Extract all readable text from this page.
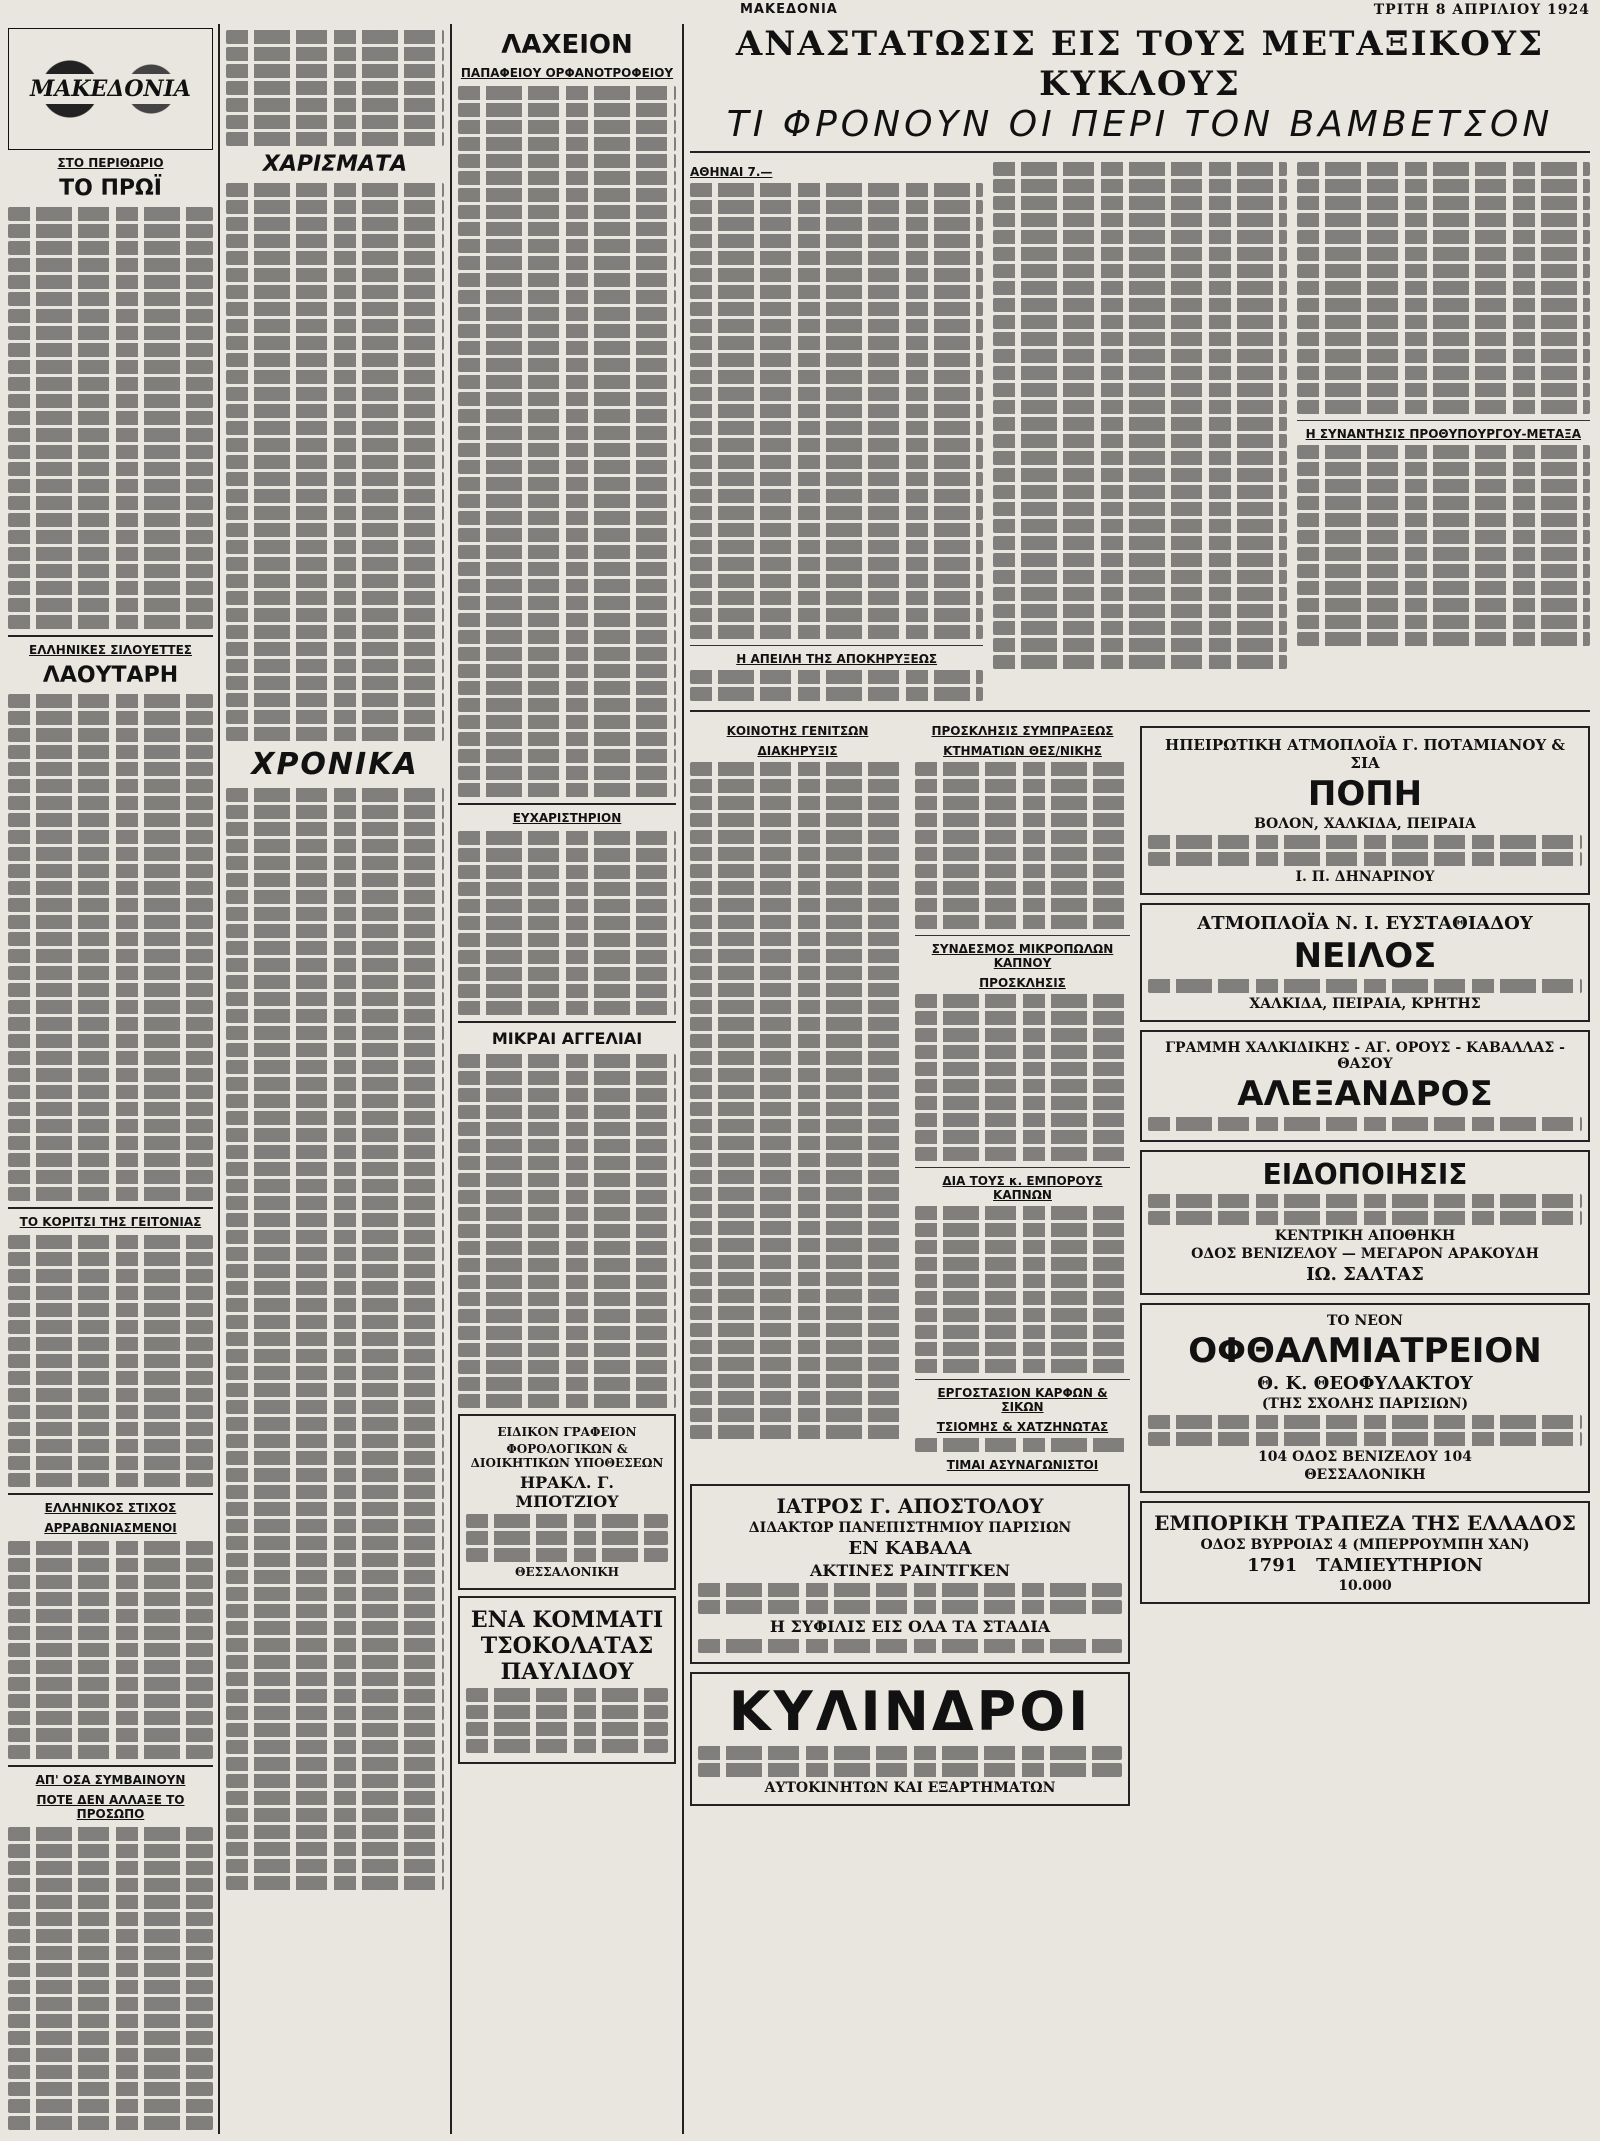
ΜΑΚΕΔΟΝΙΑ	ΤΡΙΤΗ 8 ΑΠΡΙΛΙΟΥ 1924
ΜΑΚΕΔΟΝΙΑ
ΣΤΟ ΠΕΡΙΘΩΡΙΟ
ΤΟ ΠΡΩΪ
ΕΛΛΗΝΙΚΕΣ ΣΙΛΟΥΕΤΤΕΣ
ΛΑΟΥΤΑΡΗ
ΤΟ ΚΟΡΙΤΣΙ ΤΗΣ ΓΕΙΤΟΝΙΑΣ
ΕΛΛΗΝΙΚΟΣ ΣΤΙΧΟΣ
ΑΡΡΑΒΩΝΙΑΣΜΕΝΟΙ
ΑΠ' ΟΣΑ ΣΥΜΒΑΙΝΟΥΝ
ΠΟΤΕ ΔΕΝ ΑΛΛΑΞΕ ΤΟ ΠΡΟΣΩΠΟ
ΧΑΡΙΣΜΑΤΑ
ΧΡΟΝΙΚΑ
ΛΑΧΕΙΟΝ
ΠΑΠΑΦΕΙΟΥ ΟΡΦΑΝΟΤΡΟΦΕΙΟΥ
ΕΥΧΑΡΙΣΤΗΡΙΟΝ
ΜΙΚΡΑΙ ΑΓΓΕΛΙΑΙ
ΕΙΔΙΚΟΝ ΓΡΑΦΕΙΟΝ
ΦΟΡΟΛΟΓΙΚΩΝ & ΔΙΟΙΚΗΤΙΚΩΝ ΥΠΟΘΕΣΕΩΝ
ΗΡΑΚΛ. Γ. ΜΠΟΤΖΙΟΥ
ΘΕΣΣΑΛΟΝΙΚΗ
ΕΝΑ ΚΟΜΜΑΤΙ ΤΣΟΚΟΛΑΤΑΣ ΠΑΥΛΙΔΟΥ
ΑΝΑΣΤΑΤΩΣΙΣ ΕΙΣ ΤΟΥΣ ΜΕΤΑΞΙΚΟΥΣ ΚΥΚΛΟΥΣ
ΤΙ ΦΡΟΝΟΥΝ ΟΙ ΠΕΡΙ ΤΟΝ ΒΑΜΒΕΤΣΟΝ
ΑΘΗΝΑΙ 7.—
Η ΑΠΕΙΛΗ ΤΗΣ ΑΠΟΚΗΡΥΞΕΩΣ
Η ΣΥΝΑΝΤΗΣΙΣ ΠΡΟΘΥΠΟΥΡΓΟΥ-ΜΕΤΑΞΑ
ΚΟΙΝΟΤΗΣ ΓΕΝΙΤΣΩΝ
ΔΙΑΚΗΡΥΞΙΣ
ΠΡΟΣΚΛΗΣΙΣ ΣΥΜΠΡΑΞΕΩΣ
ΚΤΗΜΑΤΙΩΝ ΘΕΣ/ΝΙΚΗΣ
ΣΥΝΔΕΣΜΟΣ ΜΙΚΡΟΠΩΛΩΝ ΚΑΠΝΟΥ
ΠΡΟΣΚΛΗΣΙΣ
ΔΙΑ ΤΟΥΣ κ. ΕΜΠΟΡΟΥΣ ΚΑΠΝΩΝ
ΕΡΓΟΣΤΑΣΙΟΝ ΚΑΡΦΩΝ & ΣΙΚΩΝ
ΤΣΙΟΜΗΣ & ΧΑΤΖΗΝΩΤΑΣ
ΤΙΜΑΙ ΑΣΥΝΑΓΩΝΙΣΤΟΙ
ΙΑΤΡΟΣ Γ. ΑΠΟΣΤΟΛΟΥ
ΔΙΔΑΚΤΩΡ ΠΑΝΕΠΙΣΤΗΜΙΟΥ ΠΑΡΙΣΙΩΝ
ΕΝ ΚΑΒΑΛΑ
ΑΚΤΙΝΕΣ ΡΑΙΝΤΓΚΕΝ
Η ΣΥΦΙΛΙΣ ΕΙΣ ΟΛΑ ΤΑ ΣΤΑΔΙΑ
ΚΥΛΙΝΔΡΟΙ
ΑΥΤΟΚΙΝΗΤΩΝ ΚΑΙ ΕΞΑΡΤΗΜΑΤΩΝ
ΗΠΕΙΡΩΤΙΚΗ ΑΤΜΟΠΛΟΪΑ Γ. ΠΟΤΑΜΙΑΝΟΥ & ΣΙΑ
ΠΟΠΗ
ΒΟΛΟΝ, ΧΑΛΚΙΔΑ, ΠΕΙΡΑΙΑ
Ι. Π. ΔΗΝΑΡΙΝΟΥ
ΑΤΜΟΠΛΟΪΑ Ν. Ι. ΕΥΣΤΑΘΙΑΔΟΥ
ΝΕΙΛΟΣ
ΧΑΛΚΙΔΑ, ΠΕΙΡΑΙΑ, ΚΡΗΤΗΣ
ΓΡΑΜΜΗ ΧΑΛΚΙΔΙΚΗΣ - ΑΓ. ΟΡΟΥΣ - ΚΑΒΑΛΛΑΣ - ΘΑΣΟΥ
ΑΛΕΞΑΝΔΡΟΣ
ΕΙΔΟΠΟΙΗΣΙΣ
ΚΕΝΤΡΙΚΗ ΑΠΟΘΗΚΗ
ΟΔΟΣ ΒΕΝΙΖΕΛΟΥ — ΜΕΓΑΡΟΝ ΑΡΑΚΟΥΔΗ
ΙΩ. ΣΑΛΤΑΣ
ΤΟ ΝΕΟΝ
ΟΦΘΑΛΜΙΑΤΡΕΙΟΝ
Θ. Κ. ΘΕΟΦΥΛΑΚΤΟΥ
(ΤΗΣ ΣΧΟΛΗΣ ΠΑΡΙΣΙΩΝ)
104 ΟΔΟΣ ΒΕΝΙΖΕΛΟΥ 104
ΘΕΣΣΑΛΟΝΙΚΗ
ΕΜΠΟΡΙΚΗ ΤΡΑΠΕΖΑ ΤΗΣ ΕΛΛΑΔΟΣ
ΟΔΟΣ ΒΥΡΡΟΙΑΣ 4 (ΜΠΕΡΡΟΥΜΠΗ ΧΑΝ)
1791 ΤΑΜΙΕΥΤΗΡΙΟΝ
10.000
